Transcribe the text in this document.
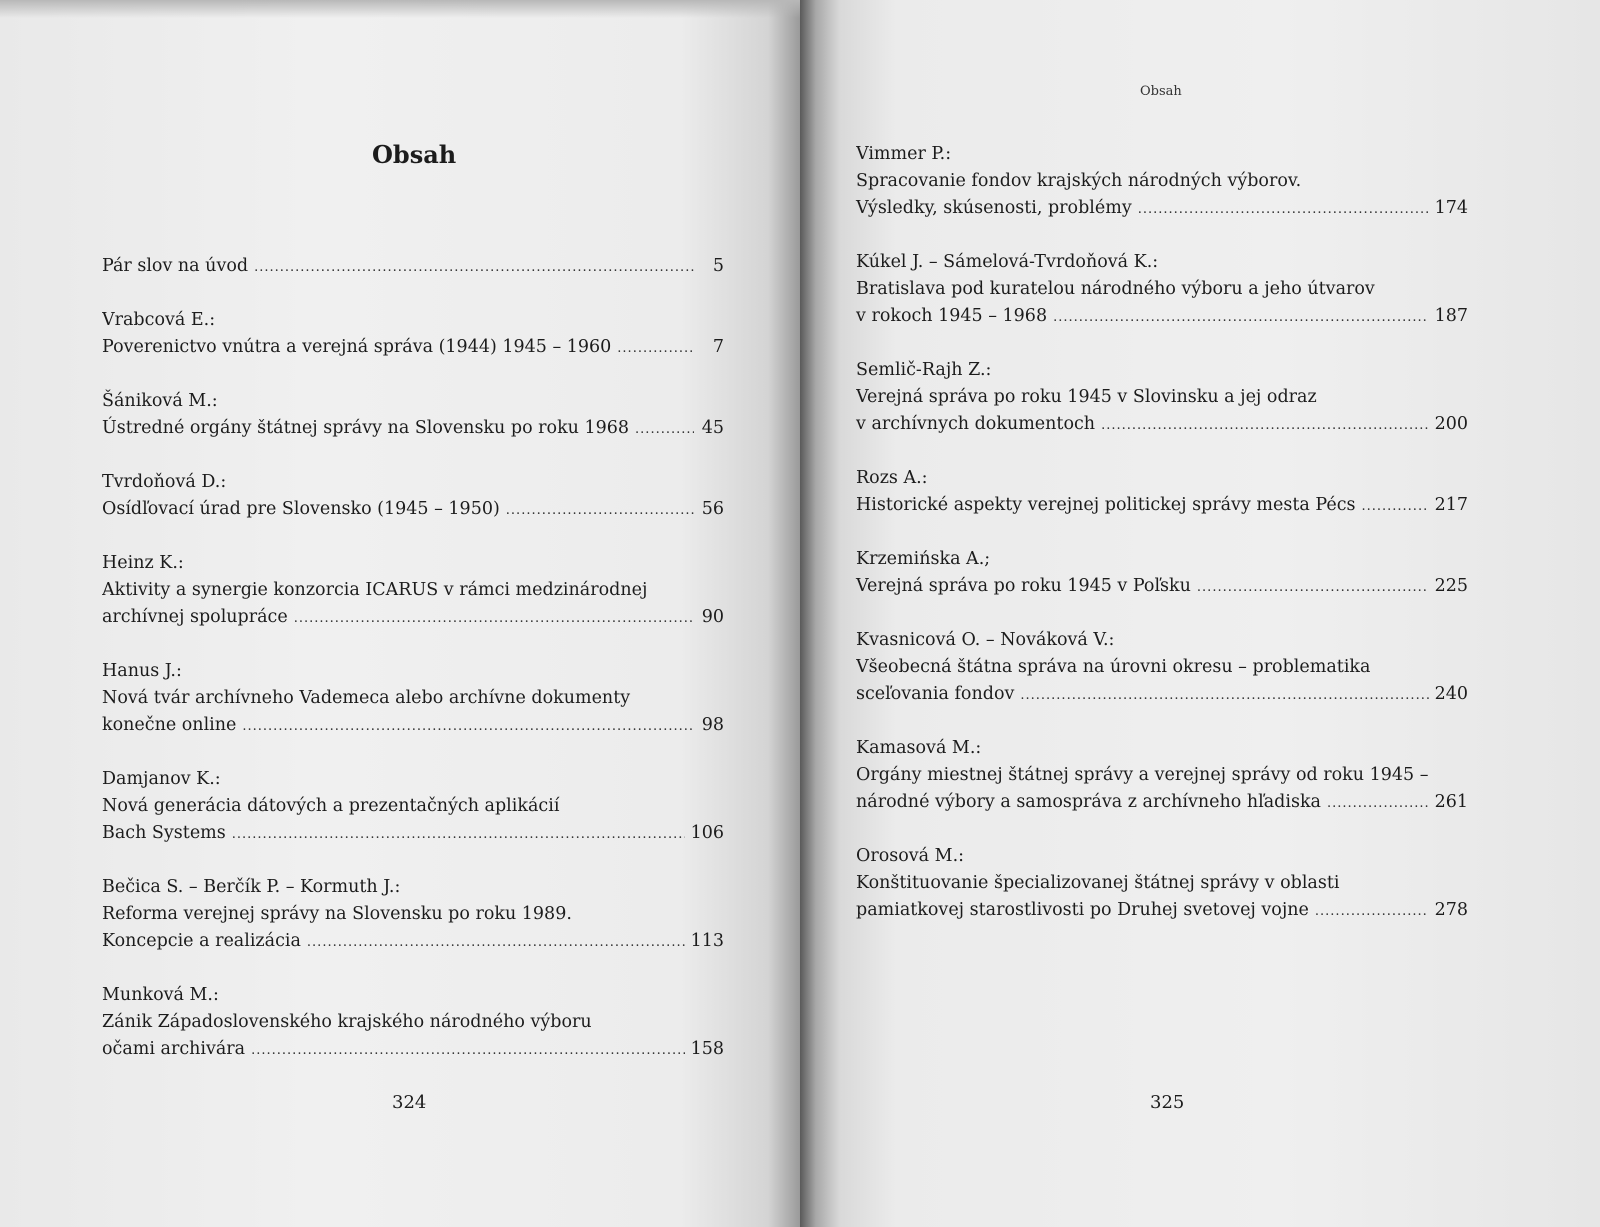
Obsah
Pár slov na úvod .....	5
Vrabcová E.:
Poverenictvo vnútra a verejná správa (1944) 1945 – 1960 .....	7
Šániková M.:
Ústredné orgány štátnej správy na Slovensku po roku 1968 .....	45
Tvrdoňová D.:
Osídľovací úrad pre Slovensko (1945 – 1950) .....	56
Heinz K.:
Aktivity a synergie konzorcia ICARUS v rámci medzinárodnej
archívnej spolupráce .....	90
Hanus J.:
Nová tvár archívneho Vademeca alebo archívne dokumenty
konečne online .....	98
Damjanov K.:
Nová generácia dátových a prezentačných aplikácií
Bach Systems .....	106
Bečica S. – Berčík P. – Kormuth J.:
Reforma verejnej správy na Slovensku po roku 1989.
Koncepcie a realizácia .....	113
Munková M.:
Zánik Západoslovenského krajského národného výboru
očami archivára .....	158
324
Obsah
Vimmer P.:
Spracovanie fondov krajských národných výborov.
Výsledky, skúsenosti, problémy .....	174
Kúkel J. – Sámelová-Tvrdoňová K.:
Bratislava pod kuratelou národného výboru a jeho útvarov
v rokoch 1945 – 1968 .....	187
Semlič-Rajh Z.:
Verejná správa po roku 1945 v Slovinsku a jej odraz
v archívnych dokumentoch .....	200
Rozs A.:
Historické aspekty verejnej politickej správy mesta Pécs .....	217
Krzemińska A.;
Verejná správa po roku 1945 v Poľsku .....	225
Kvasnicová O. – Nováková V.:
Všeobecná štátna správa na úrovni okresu – problematika
sceľovania fondov .....	240
Kamasová M.:
Orgány miestnej štátnej správy a verejnej správy od roku 1945 –
národné výbory a samospráva z archívneho hľadiska .....	261
Orosová M.:
Konštituovanie špecializovanej štátnej správy v oblasti
pamiatkovej starostlivosti po Druhej svetovej vojne .....	278
325
